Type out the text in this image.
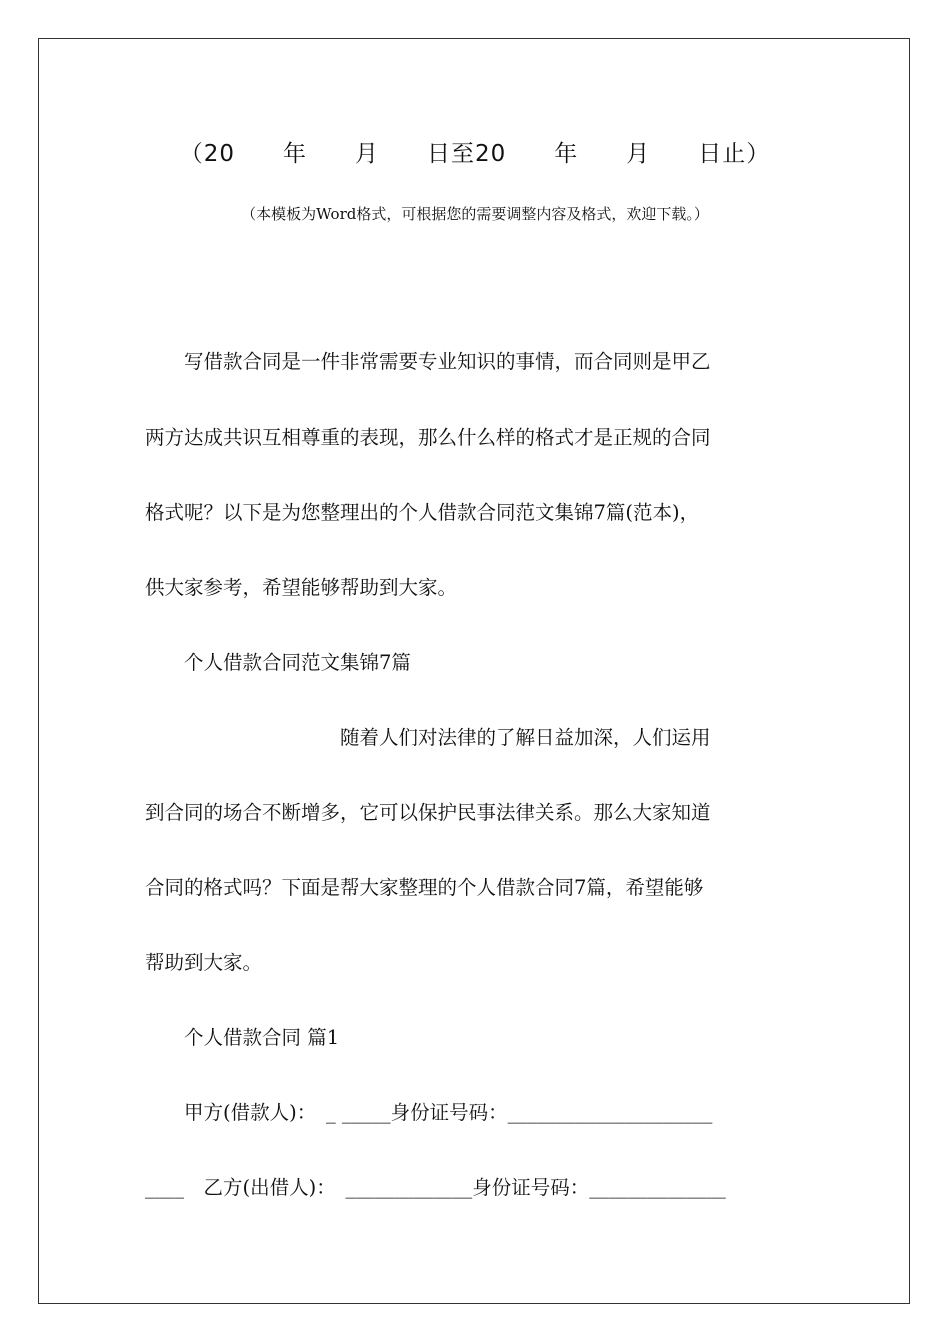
（20　　年　　月　　日至20　　年　　月　　日止）
（本模板为Word格式，可根据您的需要调整内容及格式，欢迎下载。）
　　写借款合同是一件非常需要专业知识的事情，而合同则是甲乙
两方达成共识互相尊重的表现，那么什么样的格式才是正规的合同
格式呢？以下是为您整理出的个人借款合同范文集锦7篇(范本)，
供大家参考，希望能够帮助到大家。
　　个人借款合同范文集锦7篇
　　　　　　　　　　随着人们对法律的了解日益加深，人们运用
到合同的场合不断增多，它可以保护民事法律关系。那么大家知道
合同的格式吗？下面是帮大家整理的个人借款合同7篇，希望能够
帮助到大家。
　　个人借款合同 篇1
　　甲方(借款人)：　_ _____身份证号码：_____________________
____　乙方(出借人)：　_____________身份证号码：______________
